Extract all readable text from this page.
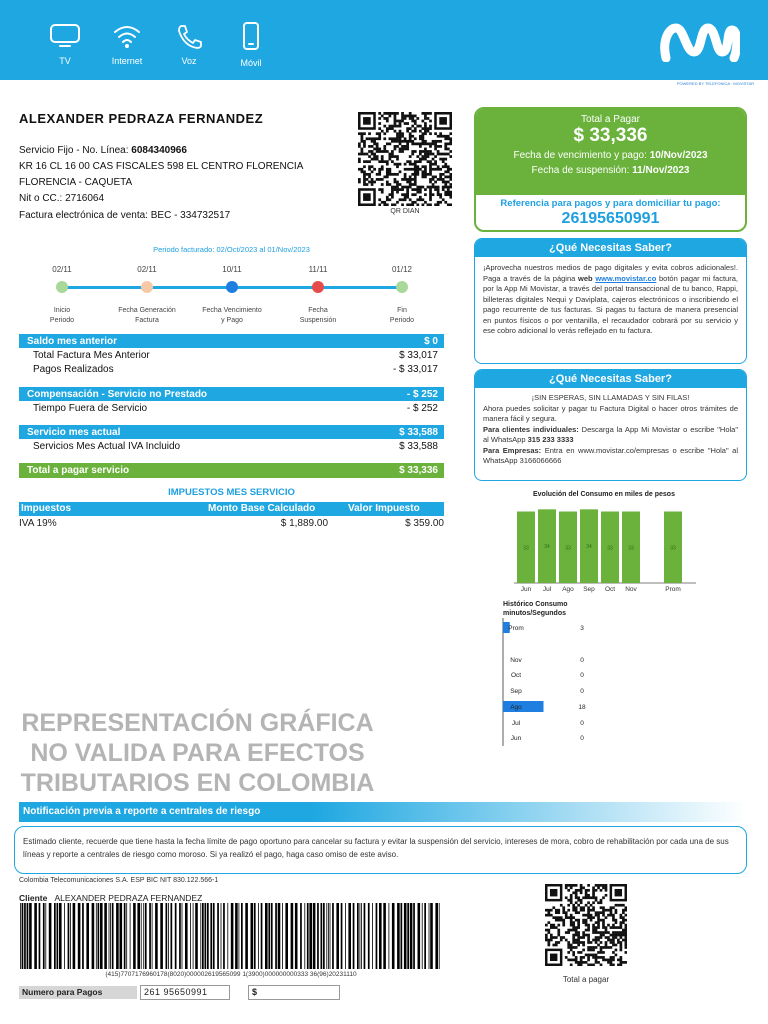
TV	Internet	Voz	Móvil
POWERED BY TELEFONICA · MOVISTAR
ALEXANDER PEDRAZA FERNANDEZ
Servicio Fijo - No. Línea: 6084340966
KR 16 CL 16 00 CAS FISCALES 598 EL CENTRO FLORENCIA
FLORENCIA - CAQUETA
Nit o CC.: 2716064
Factura electrónica de venta: BEC - 334732517	QR DIAN
Total a Pagar
$ 33,336
Fecha de vencimiento y pago: 10/Nov/2023
Fecha de suspensión: 11/Nov/2023
Referencia para pagos y para domiciliar tu pago:
26195650991
Periodo facturado: 02/Oct/2023 al 01/Nov/2023
02/11
Inicio
Periodo
02/11
Fecha Generación
Factura
10/11
Fecha Vencimiento
y Pago
11/11
Fecha
Suspensión
01/12
Fin
Periodo
Saldo mes anterior	$ 0
Total Factura Mes Anterior	$ 33,017
Pagos Realizados	- $ 33,017
Compensación - Servicio no Prestado	- $ 252
Tiempo Fuera de Servicio	- $ 252
Servicio mes actual	$ 33,588
Servicios Mes Actual IVA Incluido	$ 33,588
Total a pagar servicio	$ 33,336
IMPUESTOS MES SERVICIO
Impuestos	Monto Base Calculado	Valor Impuesto
IVA 19%	$ 1,889.00	$ 359.00
¿Qué Necesitas Saber?
¡Aprovecha nuestros medios de pago digitales y evita cobros adicionales!. Paga a través de la página web www.movistar.co botón pagar mi factura, por la App Mi Movistar, a través del portal transaccional de tu banco, Rappi, billeteras digitales Nequi y Daviplata, cajeros electrónicos o inscribiendo el pago recurrente de tus facturas. Si pagas tu factura de manera presencial en puntos físicos o por ventanilla, el recaudador cobrará por su servicio y ese cobro adicional lo verás reflejado en tu factura.
¿Qué Necesitas Saber?
¡SIN ESPERAS, SIN LLAMADAS Y SIN FILAS!
Ahora puedes solicitar y pagar tu Factura Digital o hacer otros trámites de manera fácil y segura.
Para clientes individuales: Descarga la App Mi Movistar o escribe "Hola" al WhatsApp 315 233 3333
Para Empresas: Entra en www.movistar.co/empresas o escribe "Hola" al WhatsApp 3166066666
Evolución del Consumo en miles de pesos
33
Jun
34
Jul
33
Ago
34
Sep
33
Oct
33
Nov
33
Prom
Histórico Consumo minutos/Segundos
Prom	3
Nov	0
Oct	0
Sep	0
Ago	18
Jul	0
Jun	0
REPRESENTACIÓN GRÁFICA
NO VALIDA PARA EFECTOS
TRIBUTARIOS EN COLOMBIA
Notificación previa a reporte a centrales de riesgo
Estimado cliente, recuerde que tiene hasta la fecha límite de pago oportuno para cancelar su factura y evitar la suspensión del servicio, intereses de mora, cobro de rehabilitación por cada una de sus líneas y reporte a centrales de riesgo como moroso. Si ya realizó el pago, haga caso omiso de este aviso.
Colombia Telecomunicaciones S.A. ESP BIC NIT 830.122.566-1
Cliente ALEXANDER PEDRAZA FERNANDEZ
(415)7707176960178(8020)000002619565099 1(3900)000000000333 36(96)20231110
Numero para Pagos	261 95650991	$
Total a pagar
